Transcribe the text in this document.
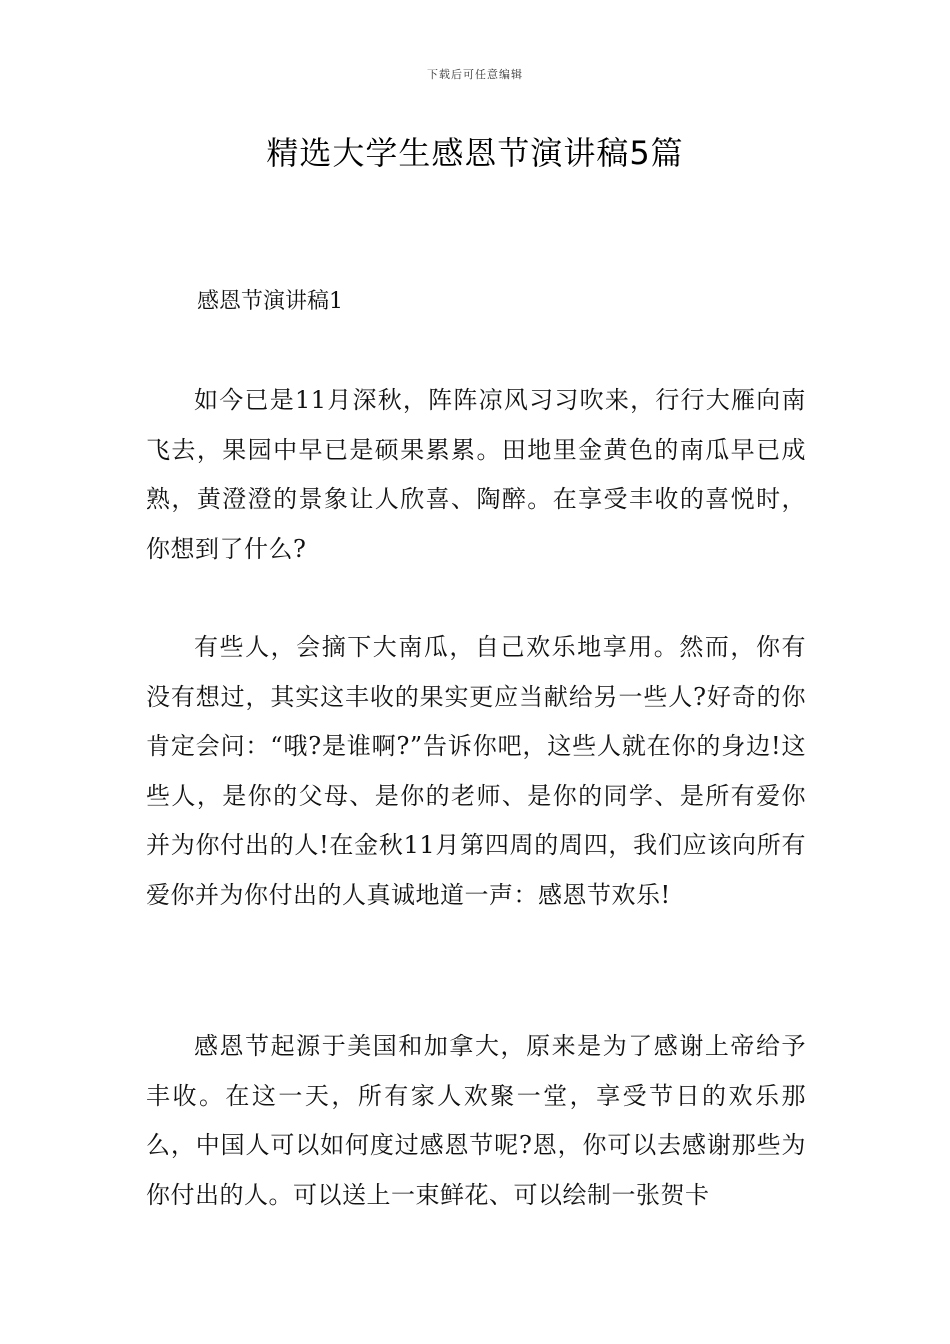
下载后可任意编辑
精选大学生感恩节演讲稿5篇
感恩节演讲稿1

如今已是11月深秋，阵阵凉风习习吹来，行行大雁向南飞去，果园中早已是硕果累累。田地里金黄色的南瓜早已成熟，黄澄澄的景象让人欣喜、陶醉。在享受丰收的喜悦时，你想到了什么?

有些人，会摘下大南瓜，自己欢乐地享用。然而，你有没有想过，其实这丰收的果实更应当献给另一些人?好奇的你肯定会问：“哦?是谁啊?”告诉你吧，这些人就在你的身边!这些人，是你的父母、是你的老师、是你的同学、是所有爱你并为你付出的人!在金秋11月第四周的周四，我们应该向所有爱你并为你付出的人真诚地道一声：感恩节欢乐!

感恩节起源于美国和加拿大，原来是为了感谢上帝给予丰收。在这一天，所有家人欢聚一堂，享受节日的欢乐那么，中国人可以如何度过感恩节呢?恩，你可以去感谢那些为你付出的人。可以送上一束鲜花、可以绘制一张贺卡
